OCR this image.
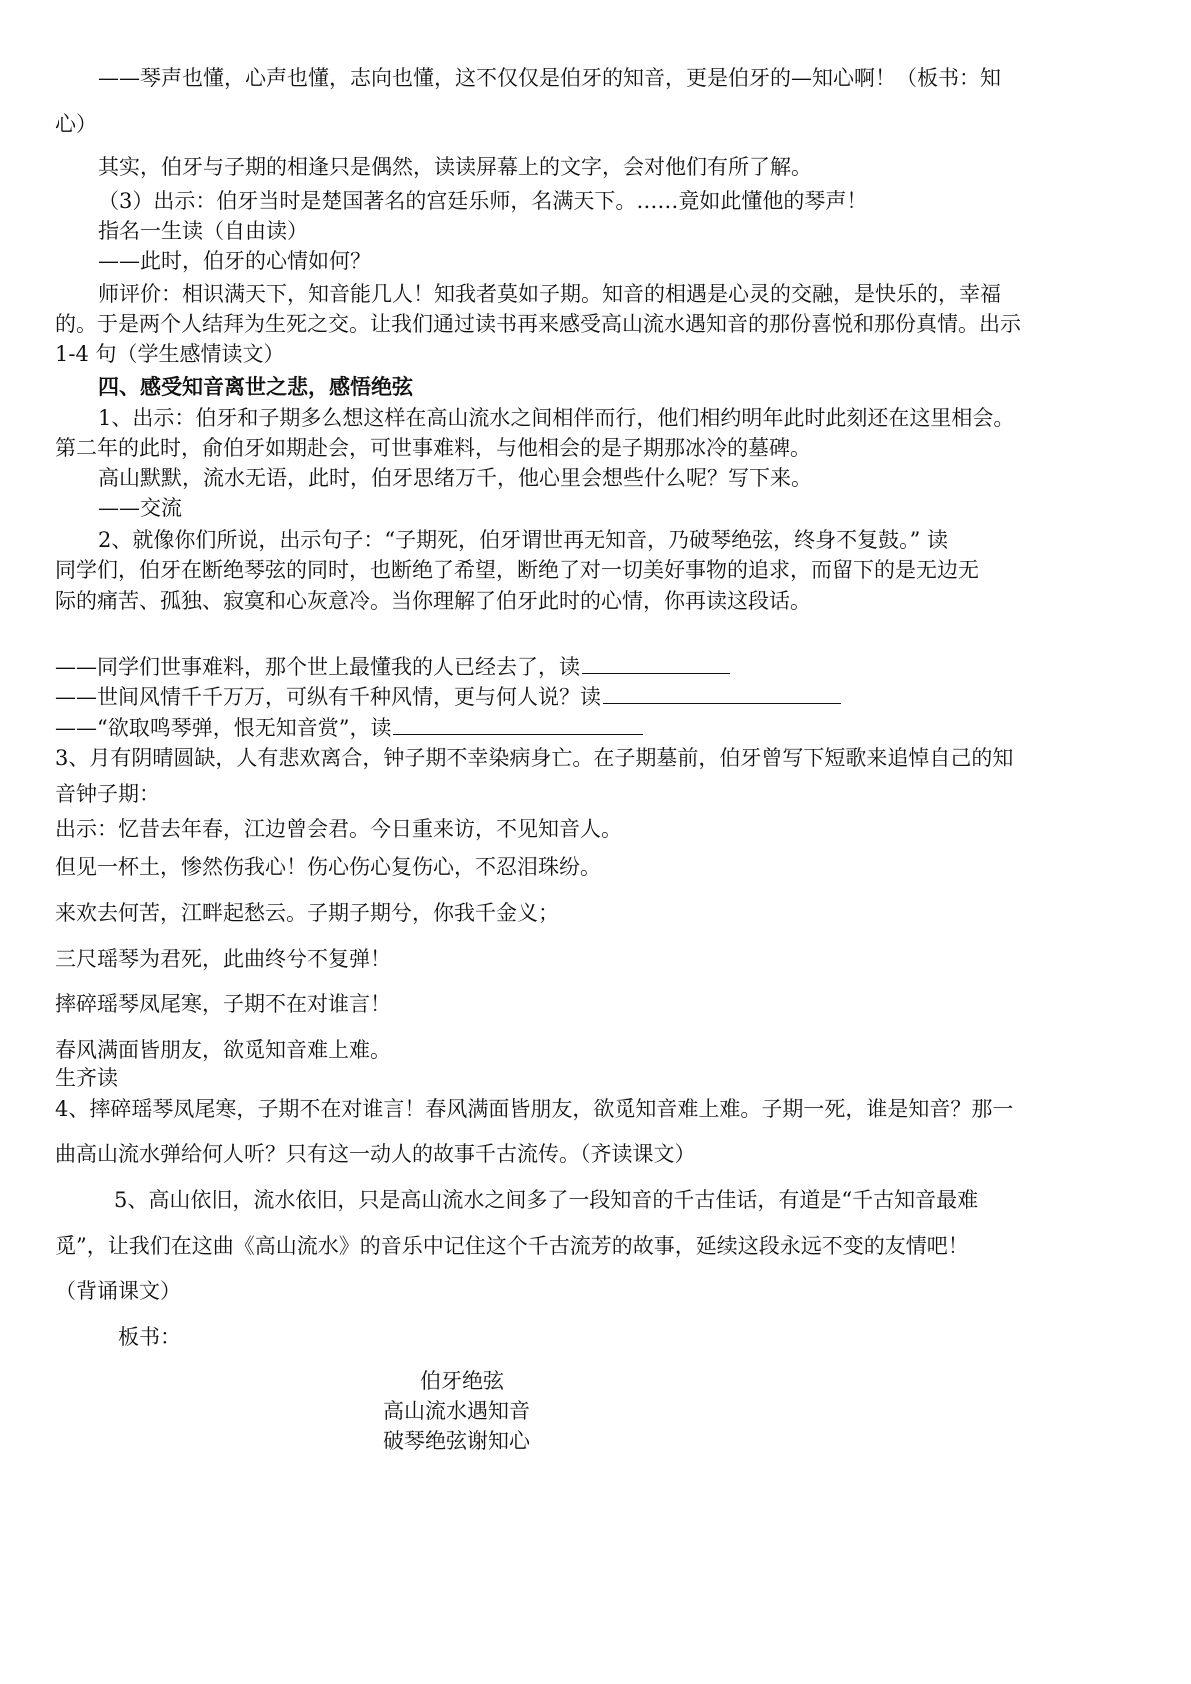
——琴声也懂，心声也懂，志向也懂，这不仅仅是伯牙的知音，更是伯牙的—知心啊！（板书：知
心）
其实，伯牙与子期的相逢只是偶然，读读屏幕上的文字，会对他们有所了解。
（3）出示：伯牙当时是楚国著名的宫廷乐师，名满天下。……竟如此懂他的琴声！
指名一生读（自由读）
——此时，伯牙的心情如何？
师评价：相识满天下，知音能几人！知我者莫如子期。知音的相遇是心灵的交融，是快乐的，幸福
的。于是两个人结拜为生死之交。让我们通过读书再来感受高山流水遇知音的那份喜悦和那份真情。出示
1-4 句（学生感情读文）
四、感受知音离世之悲，感悟绝弦
1、出示：伯牙和子期多么想这样在高山流水之间相伴而行，他们相约明年此时此刻还在这里相会。
第二年的此时，俞伯牙如期赴会，可世事难料，与他相会的是子期那冰冷的墓碑。
高山默默，流水无语，此时，伯牙思绪万千，他心里会想些什么呢？写下来。
——交流
2、就像你们所说，出示句子：“子期死，伯牙谓世再无知音，乃破琴绝弦，终身不复鼓。” 读
同学们，伯牙在断绝琴弦的同时，也断绝了希望，断绝了对一切美好事物的追求，而留下的是无边无
际的痛苦、孤独、寂寞和心灰意冷。当你理解了伯牙此时的心情，你再读这段话。
——同学们世事难料，那个世上最懂我的人已经去了，读
——世间风情千千万万，可纵有千种风情，更与何人说？读
——“欲取鸣琴弹，恨无知音赏”，读
3、月有阴晴圆缺，人有悲欢离合，钟子期不幸染病身亡。在子期墓前，伯牙曾写下短歌来追悼自己的知
音钟子期：
出示：忆昔去年春，江边曾会君。今日重来访，不见知音人。
但见一杯土，惨然伤我心！伤心伤心复伤心，不忍泪珠纷。
来欢去何苦，江畔起愁云。子期子期兮，你我千金义；
三尺瑶琴为君死，此曲终兮不复弹！
摔碎瑶琴凤尾寒，子期不在对谁言！
春风满面皆朋友，欲觅知音难上难。
生齐读
4、摔碎瑶琴凤尾寒，子期不在对谁言！春风满面皆朋友，欲觅知音难上难。子期一死，谁是知音？那一
曲高山流水弹给何人听？只有这一动人的故事千古流传。（齐读课文）
5、高山依旧，流水依旧，只是高山流水之间多了一段知音的千古佳话，有道是“千古知音最难
觅”，让我们在这曲《高山流水》的音乐中记住这个千古流芳的故事，延续这段永远不变的友情吧！
（背诵课文）
板书：
伯牙绝弦
高山流水遇知音
破琴绝弦谢知心
